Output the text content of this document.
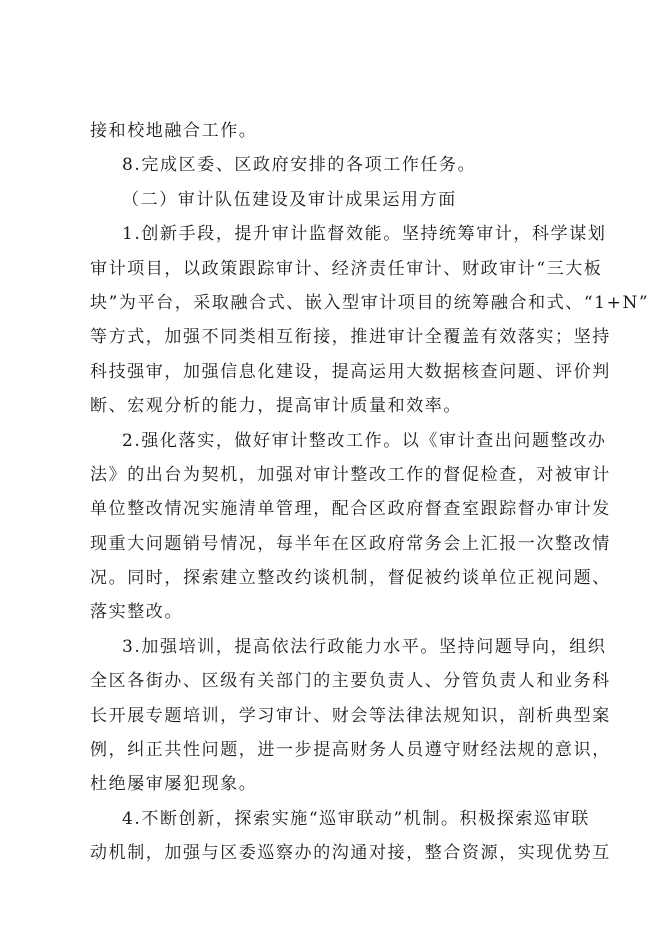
接和校地融合工作。
8.完成区委、区政府安排的各项工作任务。
（二）审计队伍建设及审计成果运用方面
1.创新手段，提升审计监督效能。坚持统筹审计，科学谋划
审计项目，以政策跟踪审计、经济责任审计、财政审计“三大板
块”为平台，采取融合式、嵌入型审计项目的统筹融合和式、“1+N”
等方式，加强不同类相互衔接，推进审计全覆盖有效落实；坚持
科技强审，加强信息化建设，提高运用大数据核查问题、评价判
断、宏观分析的能力，提高审计质量和效率。
2.强化落实，做好审计整改工作。以《审计查出问题整改办
法》的出台为契机，加强对审计整改工作的督促检查，对被审计
单位整改情况实施清单管理，配合区政府督查室跟踪督办审计发
现重大问题销号情况，每半年在区政府常务会上汇报一次整改情
况。同时，探索建立整改约谈机制，督促被约谈单位正视问题、
落实整改。
3.加强培训，提高依法行政能力水平。坚持问题导向，组织
全区各街办、区级有关部门的主要负责人、分管负责人和业务科
长开展专题培训，学习审计、财会等法律法规知识，剖析典型案
例，纠正共性问题，进一步提高财务人员遵守财经法规的意识，
杜绝屡审屡犯现象。
4.不断创新，探索实施“巡审联动”机制。积极探索巡审联
动机制，加强与区委巡察办的沟通对接，整合资源，实现优势互
